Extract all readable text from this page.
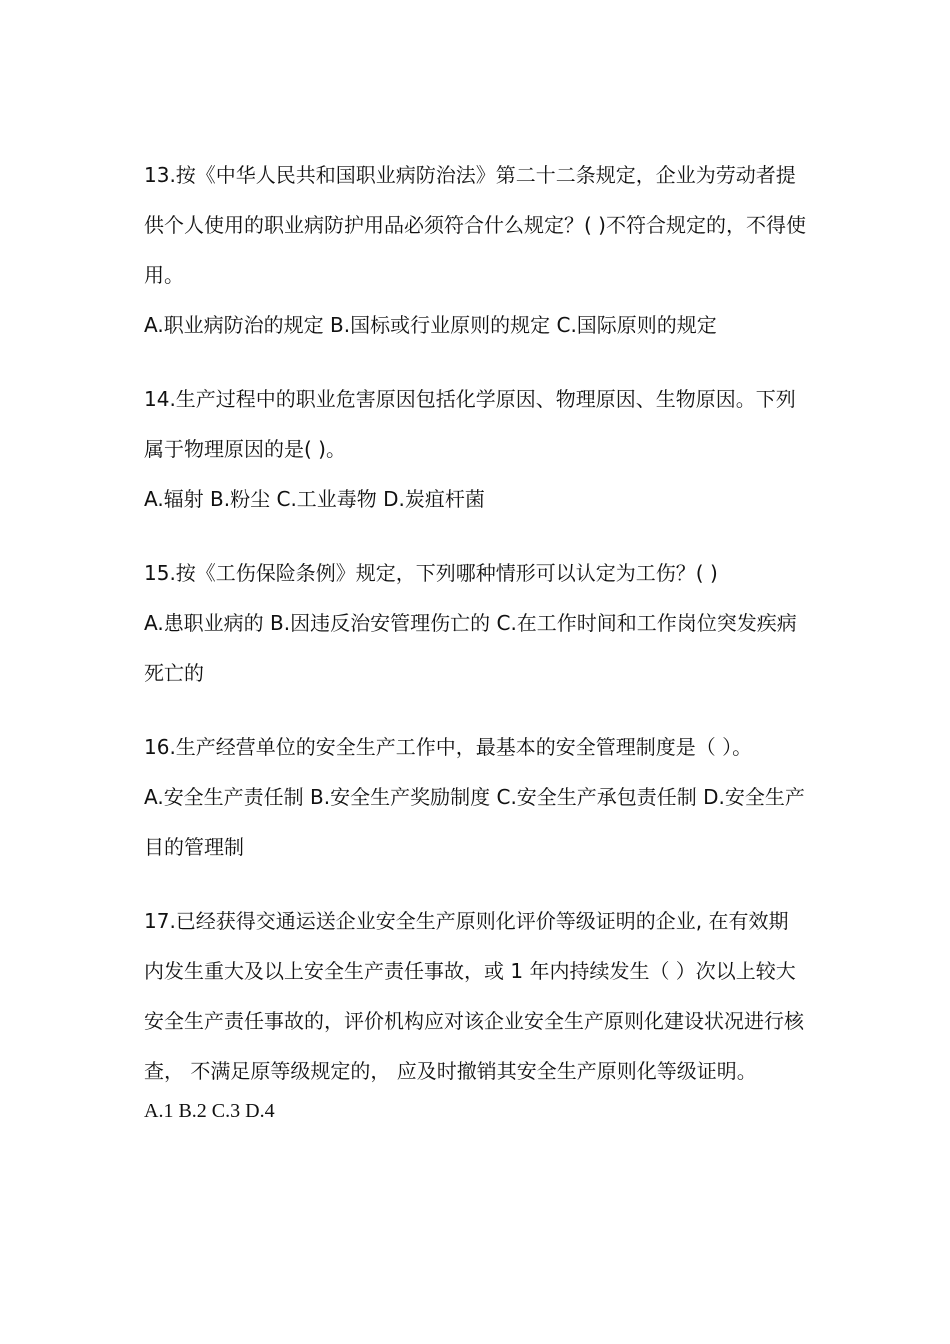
13.按《中华人民共和国职业病防治法》第二十二条规定，企业为劳动者提供个人使用的职业病防护用品必须符合什么规定？( )不符合规定的，不得使用。

A.职业病防治的规定 B.国标或行业原则的规定 C.国际原则的规定

14.生产过程中的职业危害原因包括化学原因、物理原因、生物原因。下列属于物理原因的是( )。

A.辐射 B.粉尘 C.工业毒物 D.炭疽杆菌

15.按《工伤保险条例》规定，下列哪种情形可以认定为工伤？( )

A.患职业病的 B.因违反治安管理伤亡的 C.在工作时间和工作岗位突发疾病死亡的

16.生产经营单位的安全生产工作中，最基本的安全管理制度是（ ）。

A.安全生产责任制 B.安全生产奖励制度 C.安全生产承包责任制 D.安全生产目的管理制

17.已经获得交通运送企业安全生产原则化评价等级证明的企业, 在有效期内发生重大及以上安全生产责任事故，或 1 年内持续发生（ ）次以上较大安全生产责任事故的，评价机构应对该企业安全生产原则化建设状况进行核查， 不满足原等级规定的， 应及时撤销其安全生产原则化等级证明。

A.1 B.2 C.3 D.4
